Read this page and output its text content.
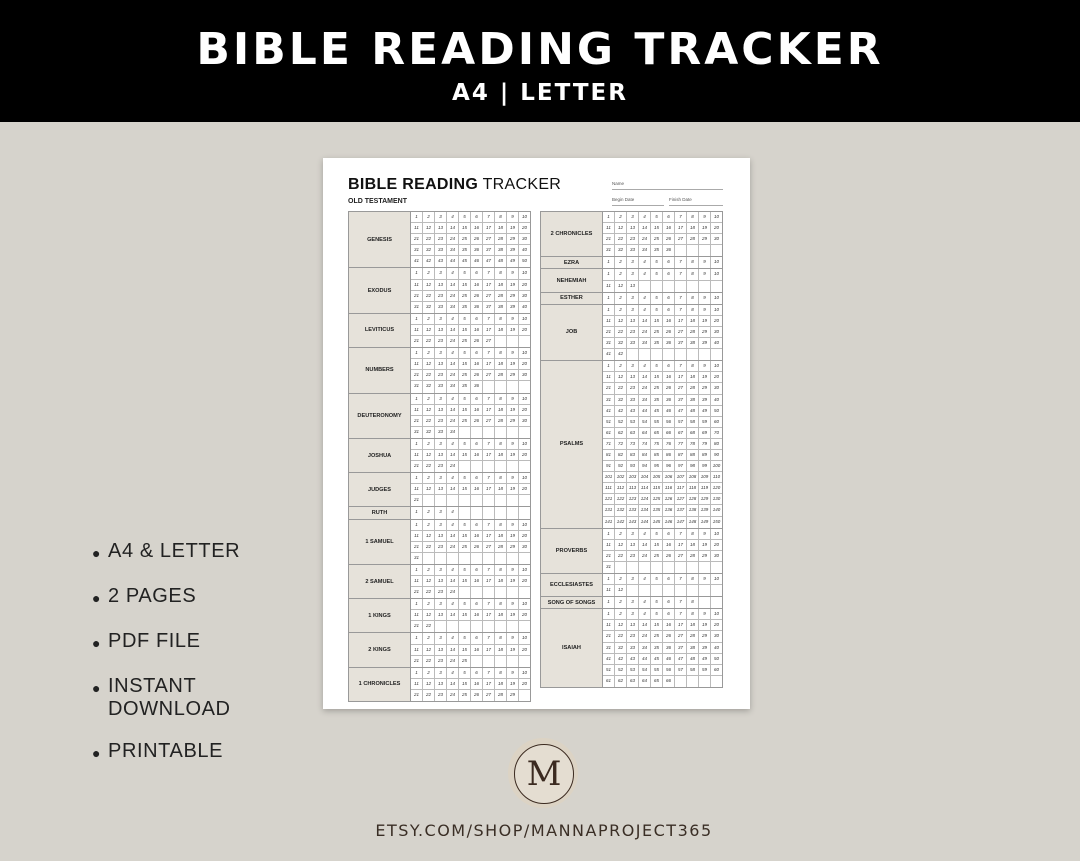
BIBLE READING TRACKER
A4 | LETTER
BIBLE READING TRACKER
OLD TESTAMENT
Name
Begin Date	Finish Date
GENESIS
1	2	3	4	5	6	7	8	9	10
11	12	13	14	15	16	17	18	19	20
21	22	23	24	25	26	27	28	29	30
31	32	33	34	35	36	37	38	39	40
41	42	43	44	45	46	47	48	49	50
EXODUS
1	2	3	4	5	6	7	8	9	10
11	12	13	14	15	16	17	18	19	20
21	22	23	24	25	26	27	28	29	30
31	32	33	34	35	36	37	38	39	40
LEVITICUS
1	2	3	4	5	6	7	8	9	10
11	12	13	14	15	16	17	18	19	20
21	22	23	24	25	26	27
NUMBERS
1	2	3	4	5	6	7	8	9	10
11	12	13	14	15	16	17	18	19	20
21	22	23	24	25	26	27	28	29	30
31	32	33	34	35	36
DEUTERONOMY
1	2	3	4	5	6	7	8	9	10
11	12	13	14	15	16	17	18	19	20
21	22	23	24	25	26	27	28	29	30
31	32	33	34
JOSHUA
1	2	3	4	5	6	7	8	9	10
11	12	13	14	15	16	17	18	19	20
21	22	23	24
JUDGES
1	2	3	4	5	6	7	8	9	10
11	12	13	14	15	16	17	18	19	20
21
RUTH	1	2	3	4
1 SAMUEL
1	2	3	4	5	6	7	8	9	10
11	12	13	14	15	16	17	18	19	20
21	22	23	24	25	26	27	28	29	30
31
2 SAMUEL
1	2	3	4	5	6	7	8	9	10
11	12	13	14	15	16	17	18	19	20
21	22	23	24
1 KINGS
1	2	3	4	5	6	7	8	9	10
11	12	13	14	15	16	17	18	19	20
21	22
2 KINGS
1	2	3	4	5	6	7	8	9	10
11	12	13	14	15	16	17	18	19	20
21	22	23	24	25
1 CHRONICLES
1	2	3	4	5	6	7	8	9	10
11	12	13	14	15	16	17	18	19	20
21	22	23	24	25	26	27	28	29
2 CHRONICLES
1	2	3	4	5	6	7	8	9	10
11	12	13	14	15	16	17	18	19	20
21	22	23	24	25	26	27	28	29	30
31	32	33	34	35	36
EZRA	1	2	3	4	5	6	7	8	9	10
NEHEMIAH
1	2	3	4	5	6	7	8	9	10
11	12	13
ESTHER	1	2	3	4	5	6	7	8	9	10
JOB
1	2	3	4	5	6	7	8	9	10
11	12	13	14	15	16	17	18	19	20
21	22	23	24	25	26	27	28	29	30
31	32	33	34	35	36	37	38	39	40
41	42
PSALMS
1	2	3	4	5	6	7	8	9	10
11	12	13	14	15	16	17	18	19	20
21	22	23	24	25	26	27	28	29	30
31	32	33	34	35	36	37	38	39	40
41	42	43	44	45	46	47	48	49	50
51	52	53	54	55	56	57	58	59	60
61	62	63	64	65	66	67	68	69	70
71	72	73	74	75	76	77	78	79	80
81	82	83	84	85	86	87	88	89	90
91	92	93	94	95	96	97	98	99	100
101 102 103 104 105 106 107 108 109	110
111	112	113	114	115	116	117	118	119	120
121 122 123 124 125 126 127 128 129 130
131 132 133 134 135 136 137 138 139 140
141 142 143 144 145 146 147 148 149 150
PROVERBS
1	2	3	4	5	6	7	8	9	10
11	12	13	14	15	16	17	18	19	20
21	22	23	24	25	26	27	28	29	30
31
ECCLESIASTES
1	2	3	4	5	6	7	8	9	10
11	12
SONG OF SONGS	1	2	3	4	5	6	7	8
ISAIAH
1	2	3	4	5	6	7	8	9	10
11	12	13	14	15	16	17	18	19	20
21	22	23	24	25	26	27	28	29	30
31	32	33	34	35	36	37	38	39	40
41	42	43	44	45	46	47	48	49	50
51	52	53	54	55	56	57	58	59	60
61	62	63	64	65	66
● A4 & LETTER
● 2 PAGES
● PDF FILE
● INSTANT DOWNLOAD
● PRINTABLE
M
ETSY.COM/SHOP/MANNAPROJECT365
